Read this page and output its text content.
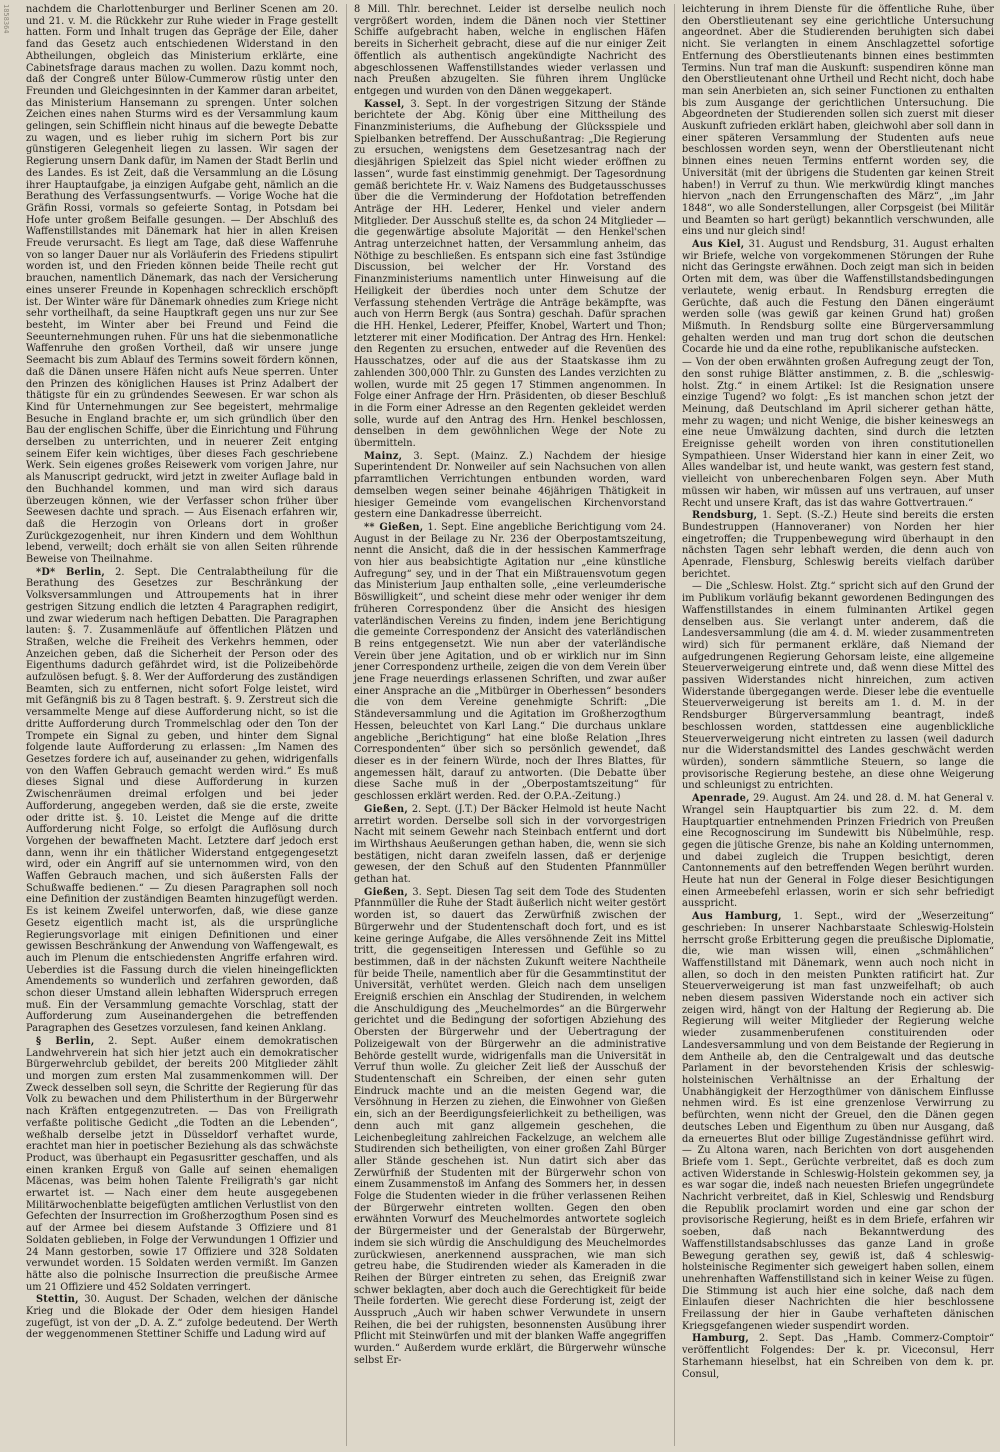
1858364 nachdem die Charlottenburger und Berliner Scenen am 20. und 21. v. M. die Rückkehr zur Ruhe wieder in Frage gestellt hatten. Form und Inhalt trugen das Gepräge der Eile, daher fand das Gesetz auch entschiedenen Widerstand in den Abtheilungen, obgleich das Ministerium erklärte, eine Cabinetsfrage daraus machen zu wollen. Dazu kommt noch, daß der Congreß unter Bülow-Cummerow rüstig unter den Freunden und Gleichgesinnten in der Kammer daran arbeitet, das Ministerium Hansemann zu sprengen. Unter solchen Zeichen eines nahen Sturms wird es der Versammlung kaum gelingen, sein Schifflein nicht hinaus auf die bewegte Debatte zu wagen, und es lieber ruhig im sichern Port bis zur günstigeren Gelegenheit liegen zu lassen. Wir sagen der Regierung unsern Dank dafür, im Namen der Stadt Berlin und des Landes. Es ist Zeit, daß die Versammlung an die Lösung ihrer Hauptaufgabe, ja einzigen Aufgabe geht, nämlich an die Berathung des Verfassungsentwurfs. — Vorige Woche hat die Gräfin Rossi, vormals so gefeierte Sontag, in Potsdam bei Hofe unter großem Beifalle gesungen. — Der Abschluß des Waffenstillstandes mit Dänemark hat hier in allen Kreisen Freude verursacht. Es liegt am Tage, daß diese Waffenruhe von so langer Dauer nur als Vorläuferin des Friedens stipulirt worden ist, und den Frieden können beide Theile recht gut brauchen, namentlich Dänemark, das nach der Versicherung eines unserer Freunde in Kopenhagen schrecklich erschöpft ist. Der Winter wäre für Dänemark ohnedies zum Kriege nicht sehr vortheilhaft, da seine Hauptkraft gegen uns nur zur See besteht, im Winter aber bei Freund und Feind die Seeunternehmungen ruhen. Für uns hat die siebenmonatliche Waffenruhe den großen Vortheil, daß wir unsere junge Seemacht bis zum Ablauf des Termins soweit fördern können, daß die Dänen unsere Häfen nicht aufs Neue sperren. Unter den Prinzen des königlichen Hauses ist Prinz Adalbert der thätigste für ein zu gründendes Seewesen. Er war schon als Kind für Unternehmungen zur See begeistert, mehrmalige Besuche in England brachte er, um sich gründlich über den Bau der englischen Schiffe, über die Einrichtung und Führung derselben zu unterrichten, und in neuerer Zeit entging seinem Eifer kein wichtiges, über dieses Fach geschriebene Werk. Sein eigenes großes Reisewerk vom vorigen Jahre, nur als Manuscript gedruckt, wird jetzt in zweiter Auflage bald in den Buchhandel kommen, und man wird sich daraus überzeugen können, wie der Verfasser schon früher über Seewesen dachte und sprach. — Aus Eisenach erfahren wir, daß die Herzogin von Orleans dort in großer Zurückgezogenheit, nur ihren Kindern und dem Wohlthun lebend, verweilt; doch erhält sie von allen Seiten rührende Beweise von Theilnahme.

*D* Berlin, 2. Sept. Die Centralabtheilung für die Berathung des Gesetzes zur Beschränkung der Volksversammlungen und Attroupements hat in ihrer gestrigen Sitzung endlich die letzten 4 Paragraphen redigirt, und zwar wiederum nach heftigen Debatten. Die Paragraphen lauten: §. 7. Zusammenläufe auf öffentlichen Plätzen und Straßen, welche die Freiheit des Verkehrs hemmen, oder Anzeichen geben, daß die Sicherheit der Person oder des Eigenthums dadurch gefährdet wird, ist die Polizeibehörde aufzulösen befugt. §. 8. Wer der Aufforderung des zuständigen Beamten, sich zu entfernen, nicht sofort Folge leistet, wird mit Gefängniß bis zu 8 Tagen bestraft. §. 9. Zerstreut sich die versammelte Menge auf diese Aufforderung nicht, so ist die dritte Aufforderung durch Trommelschlag oder den Ton der Trompete ein Signal zu geben, und hinter dem Signal folgende laute Aufforderung zu erlassen: „Im Namen des Gesetzes fordere ich auf, auseinander zu gehen, widrigenfalls von den Waffen Gebrauch gemacht werden wird.“ Es muß dieses Signal und diese Aufforderung in kurzen Zwischenräumen dreimal erfolgen und bei jeder Aufforderung, angegeben werden, daß sie die erste, zweite oder dritte ist. §. 10. Leistet die Menge auf die dritte Aufforderung nicht Folge, so erfolgt die Auflösung durch Vorgehen der bewaffneten Macht. Letztere darf jedoch erst dann, wenn ihr ein thätlicher Widerstand entgegengesetzt wird, oder ein Angriff auf sie unternommen wird, von den Waffen Gebrauch machen, und sich äußersten Falls der Schußwaffe bedienen.“ — Zu diesen Paragraphen soll noch eine Definition der zuständigen Beamten hinzugefügt werden. Es ist keinem Zweifel unterworfen, daß, wie diese ganze Gesetz eigentlich macht ist, als die ursprüngliche Regierungsvorlage mit einigen Definitionen und einer gewissen Beschränkung der Anwendung von Waffengewalt, es auch im Plenum die entschiedensten Angriffe erfahren wird. Ueberdies ist die Fassung durch die vielen hineingeflickten Amendements so wunderlich und zerfahren geworden, daß schon dieser Umstand allein lebhaften Widerspruch erregen muß. Ein der Versammlung gemachte Vorschlag, statt der Aufforderung zum Auseinandergehen die betreffenden Paragraphen des Gesetzes vorzulesen, fand keinen Anklang.

§ Berlin, 2. Sept. Außer einem demokratischen Landwehrverein hat sich hier jetzt auch ein demokratischer Bürgerwehrclub gebildet, der bereits 200 Mitglieder zählt und morgen zum ersten Mal zusammenkommen will. Der Zweck desselben soll seyn, die Schritte der Regierung für das Volk zu bewachen und dem Philisterthum in der Bürgerwehr nach Kräften entgegenzutreten. — Das von Freiligrath verfaßte politische Gedicht „die Todten an die Lebenden“, weßhalb derselbe jetzt in Düsseldorf verhaftet wurde, erachtet man hier in poetischer Beziehung als das schwächste Product, was überhaupt ein Pegasusritter geschaffen, und als einen kranken Erguß von Galle auf seinen ehemaligen Mäcenas, was beim hohen Talente Freiligrath's gar nicht erwartet ist. — Nach einer dem heute ausgegebenen Militärwochenblatte beigefügten amtlichen Verlustlist von den Gefechten der Insurrection im Großherzogthum Posen sind es auf der Armee bei diesem Aufstande 3 Offiziere und 81 Soldaten geblieben, in Folge der Verwundungen 1 Offizier und 24 Mann gestorben, sowie 17 Offiziere und 328 Soldaten verwundet worden. 15 Soldaten werden vermißt. Im Ganzen hätte also die polnische Insurrection die preußische Armee um 21 Offiziere und 452 Soldaten verringert.

Stettin, 30. August. Der Schaden, welchen der dänische Krieg und die Blokade der Oder dem hiesigen Handel zugefügt, ist von der „D. A. Z.“ zufolge bedeutend. Der Werth der weggenommenen Stettiner Schiffe und Ladung wird auf

8 Mill. Thlr. berechnet. Leider ist derselbe neulich noch vergrößert worden, indem die Dänen noch vier Stettiner Schiffe aufgebracht haben, welche in englischen Häfen bereits in Sicherheit gebracht, diese auf die nur einiger Zeit öffentlich als authentisch angekündigte Nachricht des abgeschlossenen Waffenstillstandes wieder verlassen und nach Preußen abzugelten. Sie führen ihrem Unglücke entgegen und wurden von den Dänen weggekapert.

Kassel, 3. Sept. In der vorgestrigen Sitzung der Stände berichtete der Abg. König über eine Mittheilung des Finanzministeriums, die Aufhebung der Glücksspiele und Spielbanken betreffend. Der Ausschußantrag: „Die Regierung zu ersuchen, wenigstens dem Gesetzesantrag nach der diesjährigen Spielzeit das Spiel nicht wieder eröffnen zu lassen“, wurde fast einstimmig genehmigt. Der Tagesordnung gemäß berichtete Hr. v. Waiz Namens des Budgetausschusses über die die Verminderung der Hofdotation betreffenden Anträge der HH. Lederer, Henkel und vieler andern Mitglieder. Der Ausschuß stellte es, da schon 24 Mitglieder — die gegenwärtige absolute Majorität — den Henkel'schen Antrag unterzeichnet hatten, der Versammlung anheim, das Nöthige zu beschließen. Es entspann sich eine fast 3stündige Discussion, bei welcher der Hr. Vorstand des Finanzministeriums namentlich unter Hinweisung auf die Heiligkeit der überdies noch unter dem Schutze der Verfassung stehenden Verträge die Anträge bekämpfte, was auch von Herrn Bergk (aus Sontra) geschah. Dafür sprachen die HH. Henkel, Lederer, Pfeiffer, Knobel, Wartert und Thon; letzterer mit einer Modification. Der Antrag des Hrn. Henkel: den Regenten zu ersuchen, entweder auf die Revenüen des Hausschatzes, oder auf die aus der Staatskasse ihm zu zahlenden 300,000 Thlr. zu Gunsten des Landes verzichten zu wollen, wurde mit 25 gegen 17 Stimmen angenommen. In Folge einer Anfrage der Hrn. Präsidenten, ob dieser Beschluß in die Form einer Adresse an den Regenten gekleidet werden solle, wurde auf den Antrag des Hrn. Henkel beschlossen, denselben in dem gewöhnlichen Wege der Note zu übermitteln.

Mainz, 3. Sept. (Mainz. Z.) Nachdem der hiesige Superintendent Dr. Nonweiler auf sein Nachsuchen von allen pfarramtlichen Verrichtungen entbunden worden, ward demselben wegen seiner beinahe 46jährigen Thätigkeit in hiesiger Gemeinde vom evangelischen Kirchenvorstand gestern eine Dankadresse überreicht.

** Gießen, 1. Sept. Eine angebliche Berichtigung vom 24. August in der Beilage zu Nr. 236 der Oberpostamtszeitung, nennt die Ansicht, daß die in der hessischen Kammerfrage von hier aus beabsichtigte Agitation nur „eine künstliche Aufregung“ sey, und in der That ein Mißtrauensvotum gegen das Ministerium Jaup enthalten solle, „eine verleumderische Böswilligkeit“, und scheint diese mehr oder weniger ihr dem früheren Correspondenz über die Ansicht des hiesigen vaterländischen Vereins zu finden, indem jene Berichtigung die gemeinte Correspondenz der Ansicht des vaterländischen B reins entgegensetzt. Wie nun aber der vaterländische Verein über jene Agitation, und ob er wirklich nur im Sinn jener Correspondenz urtheile, zeigen die von dem Verein über jene Frage neuerdings erlassenen Schriften, und zwar außer einer Ansprache an die „Mitbürger in Oberhessen“ besonders die von dem Vereine genehmigte Schrift: „Die Ständeversammlung und die Agitation im Großherzogthum Hessen, beleuchtet von Karl Lang.“ Die durchaus unklare angebliche „Berichtigung“ hat eine bloße Relation „Ihres Correspondenten“ über sich so persönlich gewendet, daß dieser es in der feinern Würde, noch der Ihres Blattes, für angemessen hält, darauf zu antworten. (Die Debatte über diese Sache muß in der „Oberpostamtszeitung“ für geschlossen erklärt werden. Red. der O.P.A.-Zeitung.)

Gießen, 2. Sept. (J.T.) Der Bäcker Helmold ist heute Nacht arretirt worden. Derselbe soll sich in der vorvorgestrigen Nacht mit seinem Gewehr nach Steinbach entfernt und dort im Wirthshaus Aeußerungen gethan haben, die, wenn sie sich bestätigen, nicht daran zweifeln lassen, daß er derjenige gewesen, der den Schuß auf den Studenten Pfannmüller gethan hat.

Gießen, 3. Sept. Diesen Tag seit dem Tode des Studenten Pfannmüller die Ruhe der Stadt äußerlich nicht weiter gestört worden ist, so dauert das Zerwürfniß zwischen der Bürgerwehr und der Studentenschaft doch fort, und es ist keine geringe Aufgabe, die Alles versöhnende Zeit ins Mittel tritt, die gegenseitigen Interessen und Gefühle so zu bestimmen, daß in der nächsten Zukunft weitere Nachtheile für beide Theile, namentlich aber für die Gesammtinstitut der Universität, verhütet werden. Gleich nach dem unseligen Ereigniß erschien ein Anschlag der Studirenden, in welchem die Anschuldigung des „Meuchelmordes“ an die Bürgerwehr gerichtet und die Bedingung der sofortigen Abziehung des Obersten der Bürgerwehr und der Uebertragung der Polizeigewalt von der Bürgerwehr an die administrative Behörde gestellt wurde, widrigenfalls man die Universität in Verruf thun wolle. Zu gleicher Zeit ließ der Ausschuß der Studentenschaft ein Schreiben, der einen sehr guten Eindruck machte und an die meisten Gegend war, die Versöhnung in Herzen zu ziehen, die Einwohner von Gießen ein, sich an der Beerdigungsfeierlichkeit zu betheiligen, was denn auch mit ganz allgemein geschehen, die Leichenbegleitung zahlreichen Fackelzuge, an welchem alle Studirenden sich betheiligten, von einer großen Zahl Bürger aller Stände geschehen ist. Nun datirt sich aber das Zerwürfniß der Studenten mit der Bürgerwehr schon von einem Zusammenstoß im Anfang des Sommers her, in dessen Folge die Studenten wieder in die früher verlassenen Reihen der Bürgerwehr eintreten wollten. Gegen den oben erwähnten Vorwurf des Meuchelmordes antwortete sogleich der Bürgermeister und der Generalstab der Bürgerwehr, indem sie sich würdig die Anschuldigung des Meuchelmordes zurückwiesen, anerkennend aussprachen, wie man sich getreu habe, die Studirenden wieder als Kameraden in die Reihen der Bürger eintreten zu sehen, das Ereigniß zwar schwer beklagten, aber doch auch die Gerechtigkeit für beide Theile forderten. Wie gerecht diese Forderung ist, zeigt der Ausspruch „Auch wir haben schwer Verwundete in unsern Reihen, die bei der ruhigsten, besonnensten Ausübung ihrer Pflicht mit Steinwürfen und mit der blanken Waffe angegriffen wurden.“ Außerdem wurde erklärt, die Bürgerwehr wünsche selbst Er-

leichterung in ihrem Dienste für die öffentliche Ruhe, über den Oberstlieutenant sey eine gerichtliche Untersuchung angeordnet. Aber die Studierenden beruhigten sich dabei nicht. Sie verlangten in einem Anschlagzettel sofortige Entfernung des Oberstlieutenants binnen eines bestimmten Termins. Nun traf man die Auskunft: suspendiren könne man den Oberstlieutenant ohne Urtheil und Recht nicht, doch habe man sein Anerbieten an, sich seiner Functionen zu enthalten bis zum Ausgange der gerichtlichen Untersuchung. Die Abgeordneten der Studierenden sollen sich zuerst mit dieser Auskunft zufrieden erklärt haben, gleichwohl aber soll dann in einer späteren Versammlung der Studenten aufs neue beschlossen worden seyn, wenn der Oberstlieutenant nicht binnen eines neuen Termins entfernt worden sey, die Universität (mit der übrigens die Studenten gar keinen Streit haben!) in Verruf zu thun. Wie merkwürdig klingt manches hiervon „nach den Errungenschaften des März“, „im Jahr 1848“, wo alle Sonderstellungen, aller Corpsgeist (bei Militär und Beamten so hart gerügt) bekanntlich verschwunden, alle eins und nur gleich sind!

Aus Kiel, 31. August und Rendsburg, 31. August erhalten wir Briefe, welche von vorgekommenen Störungen der Ruhe nicht das Geringste erwähnen. Doch zeigt man sich in beiden Orten mit dem, was über die Waffenstillstandsbedingungen verlautete, wenig erbaut. In Rendsburg erregten die Gerüchte, daß auch die Festung den Dänen eingeräumt werden solle (was gewiß gar keinen Grund hat) großen Mißmuth. In Rendsburg sollte eine Bürgerversammlung gehalten werden und man trug dort schon die deutschen Cocarde hie und da eine rothe, republikanische aufstecken.

— Von der oben erwähnten großen Aufregung zeugt der Ton, den sonst ruhige Blätter anstimmen, z. B. die „schleswig-holst. Ztg.“ in einem Artikel: Ist die Resignation unsere einzige Tugend? wo folgt: „Es ist manchen schon jetzt der Meinung, daß Deutschland im April sicherer gethan hätte, mehr zu wagen; und nicht Wenige, die bisher keineswegs an eine neue Umwälzung dachten, sind durch die letzten Ereignisse geheilt worden von ihren constitutionellen Sympathieen. Unser Widerstand hier kann in einer Zeit, wo Alles wandelbar ist, und heute wankt, was gestern fest stand, vielleicht von unberechenbaren Folgen seyn. Aber Muth müssen wir haben, wir müssen auf uns vertrauen, auf unser Recht und unsere Kraft, das ist das wahre Gottvertrauen.“

Rendsburg, 1. Sept. (S.-Z.) Heute sind bereits die ersten Bundestruppen (Hannoveraner) von Norden her hier eingetroffen; die Truppenbewegung wird überhaupt in den nächsten Tagen sehr lebhaft werden, die denn auch von Apenrade, Flensburg, Schleswig bereits vielfach darüber berichtet.

— Die „Schlesw. Holst. Ztg.“ spricht sich auf den Grund der im Publikum vorläufig bekannt gewordenen Bedingungen des Waffenstillstandes in einem fulminanten Artikel gegen denselben aus. Sie verlangt unter anderem, daß die Landesversammlung (die am 4. d. M. wieder zusammentreten wird) sich für permanent erkläre, daß Niemand der aufgedrungenen Regierung Gehorsam leiste, eine allgemeine Steuerverweigerung eintrete und, daß wenn diese Mittel des passiven Widerstandes nicht hinreichen, zum activen Widerstande übergegangen werde. Dieser lebe die eventuelle Steuerverweigerung ist bereits am 1. d. M. in der Rendsburger Bürgerversammlung beantragt, indeß beschlossen worden, stattdessen eine augenblickliche Steuerverweigerung nicht eintreten zu lassen (weil dadurch nur die Widerstandsmittel des Landes geschwächt werden würden), sondern sämmtliche Steuern, so lange die provisorische Regierung bestehe, an diese ohne Weigerung und schleunigst zu entrichten.

Apenrade, 29. August. Am 24. und 28. d. M. hat General v. Wrangel sein Hauptquartier bis zum 22. d. M. dem Hauptquartier entnehmenden Prinzen Friedrich von Preußen eine Recognoscirung im Sundewitt bis Nübelmühle, resp. gegen die jütische Grenze, bis nahe an Kolding unternommen, und dabei zugleich die Truppen besichtigt, deren Cantonnements auf den betreffenden Wegen berührt wurden. Heute hat nun der General in Folge dieser Besichtigungen einen Armeebefehl erlassen, worin er sich sehr befriedigt ausspricht.

Aus Hamburg, 1. Sept., wird der „Weserzeitung“ geschrieben: In unserer Nachbarstaate Schleswig-Holstein herrscht große Erbitterung gegen die preußische Diplomatie, die, wie man wissen will, einen „schmählichen“ Waffenstillstand mit Dänemark, wenn auch noch nicht in allen, so doch in den meisten Punkten ratificirt hat. Zur Steuerverweigerung ist man fast unzweifelhaft; ob auch neben diesem passiven Widerstande noch ein activer sich zeigen wird, hängt von der Haltung der Regierung ab. Die Regierung will weiter Mitglieder der Regierung welche wieder zusammenberufenen constituirenden oder Landesversammlung und von dem Beistande der Regierung in dem Antheile ab, den die Centralgewalt und das deutsche Parlament in der bevorstehenden Krisis der schleswig-holsteinischen Verhältnisse an der Erhaltung der Unabhängigkeit der Herzogthümer von dänischem Einflusse nehmen wird. Es ist eine grenzenlose Verwirrung zu befürchten, wenn nicht der Greuel, den die Dänen gegen deutsches Leben und Eigenthum zu üben nur Ausgang, daß da erneuertes Blut oder billige Zugeständnisse geführt wird. — Zu Altona waren, nach Berichten von dort ausgehenden Briefe vom 1. Sept., Gerüchte verbreitet, daß es doch zum activen Widerstande in Schleswig-Holstein gekommen sey, ja es war sogar die, indeß nach neuesten Briefen ungegründete Nachricht verbreitet, daß in Kiel, Schleswig und Rendsburg die Republik proclamirt worden und eine gar schon der provisorische Regierung, heißt es in dem Briefe, erfahren wir soeben, daß nach Bekanntwerdung des Waffenstillstandsabschlusses das ganze Land in große Bewegung gerathen sey, gewiß ist, daß 4 schleswig-holsteinische Regimenter sich geweigert haben sollen, einem unehrenhaften Waffenstillstand sich in keiner Weise zu fügen. Die Stimmung ist auch hier eine solche, daß nach dem Einlaufen dieser Nachrichten die hier beschlossene Freilassung der hier in Gaube verhafteten dänischen Kriegsgefangenen wieder suspendirt worden.

Hamburg, 2. Sept. Das „Hamb. Commerz-Comptoir“ veröffentlicht Folgendes: Der k. pr. Viceconsul, Herr Starhemann hieselbst, hat ein Schreiben von dem k. pr. Consul,
